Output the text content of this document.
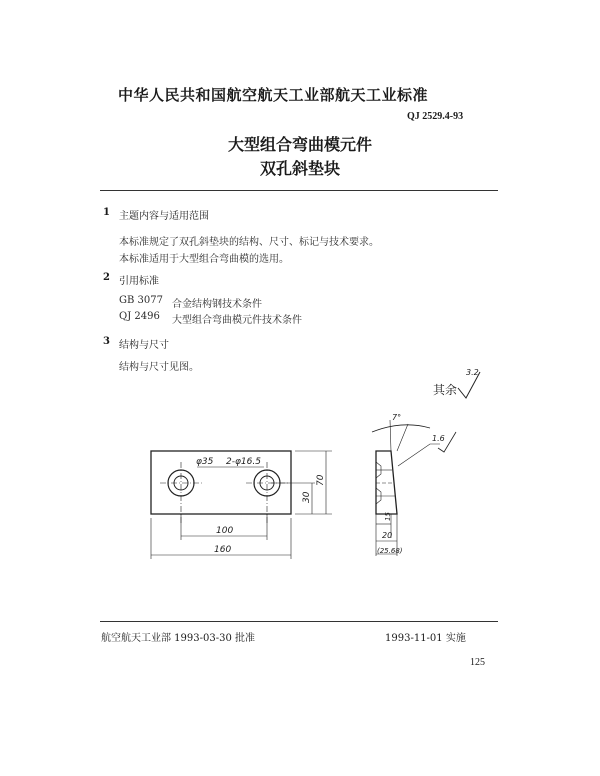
中华人民共和国航空航天工业部航天工业标准
QJ 2529.4-93
大型组合弯曲模元件
双孔斜垫块
1 主题内容与适用范围
本标准规定了双孔斜垫块的结构、尺寸、标记与技术要求。
本标准适用于大型组合弯曲模的选用。
2 引用标准
GB 3077 合金结构钢技术条件
QJ 2496 大型组合弯曲模元件技术条件
3 结构与尺寸
结构与尺寸见图。
其余
3.2
φ35 2-φ16.5
70
30
100
160
7°
1.6
15
20
(25.68)
航空航天工业部 1993-03-30 批准	1993-11-01 实施
125
